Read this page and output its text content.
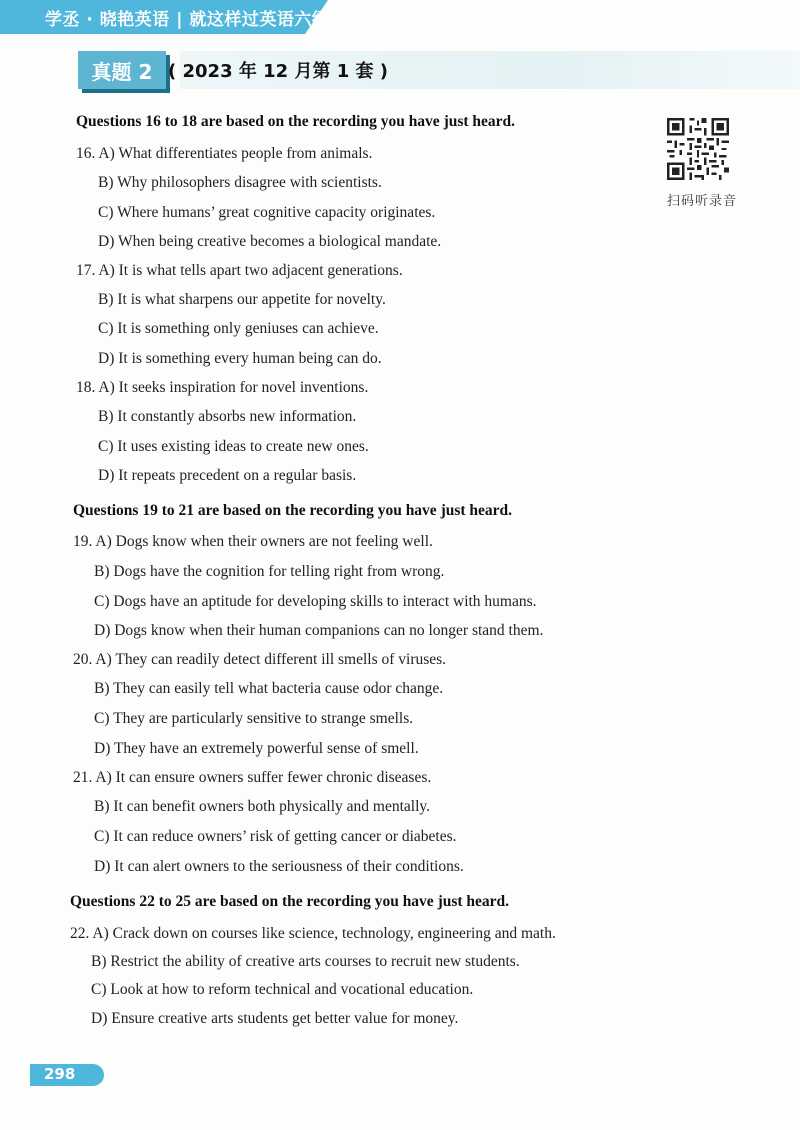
学丞 · 晓艳英语 | 就这样过英语六级
真题 2 ( 2023 年 12 月第 1 套 )
扫码听录音
Questions 16 to 18 are based on the recording you have just heard.
16. A) What differentiates people from animals.
B) Why philosophers disagree with scientists.
C) Where humans’ great cognitive capacity originates.
D) When being creative becomes a biological mandate.
17. A) It is what tells apart two adjacent generations.
B) It is what sharpens our appetite for novelty.
C) It is something only geniuses can achieve.
D) It is something every human being can do.
18. A) It seeks inspiration for novel inventions.
B) It constantly absorbs new information.
C) It uses existing ideas to create new ones.
D) It repeats precedent on a regular basis.
Questions 19 to 21 are based on the recording you have just heard.
19. A) Dogs know when their owners are not feeling well.
B) Dogs have the cognition for telling right from wrong.
C) Dogs have an aptitude for developing skills to interact with humans.
D) Dogs know when their human companions can no longer stand them.
20. A) They can readily detect different ill smells of viruses.
B) They can easily tell what bacteria cause odor change.
C) They are particularly sensitive to strange smells.
D) They have an extremely powerful sense of smell.
21. A) It can ensure owners suffer fewer chronic diseases.
B) It can benefit owners both physically and mentally.
C) It can reduce owners’ risk of getting cancer or diabetes.
D) It can alert owners to the seriousness of their conditions.
Questions 22 to 25 are based on the recording you have just heard.
22. A) Crack down on courses like science, technology, engineering and math.
B) Restrict the ability of creative arts courses to recruit new students.
C) Look at how to reform technical and vocational education.
D) Ensure creative arts students get better value for money.
298
